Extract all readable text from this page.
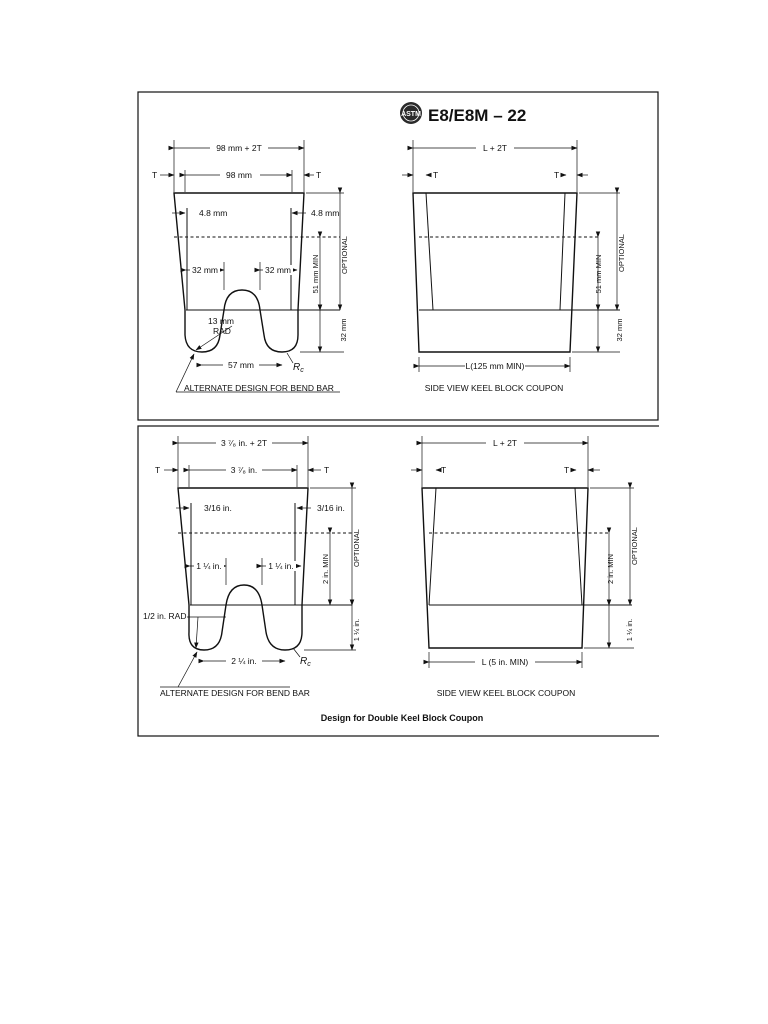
ASTM E8/E8M – 22
98 mm + 2T
98 mm
T	T
4.8 mm	4.8 mm
32 mm	32 mm
13 mm
RAD
57 mm	$R_c$
OPTIONAL
51 mm MIN
32 mm
ALTERNATE DESIGN FOR BEND BAR
L + 2T
T	T
L(125 mm MIN)
OPTIONAL
51 mm MIN
32 mm
SIDE VIEW KEEL BLOCK COUPON
3 ⁷⁄₈ in. + 2T
3 ⁷⁄₈ in.
T	T
3/16 in.	3/16 in.
1 ¼ in.	1 ¼ in.
1/2 in. RAD
2 ¼ in.	$R_c$
OPTIONAL
2 in. MIN
1 ¼ in.
ALTERNATE DESIGN FOR BEND BAR
L + 2T
T	T
L (5 in. MIN)
OPTIONAL
2 in. MIN
1 ¼ in.
SIDE VIEW KEEL BLOCK COUPON
Design for Double Keel Block Coupon
